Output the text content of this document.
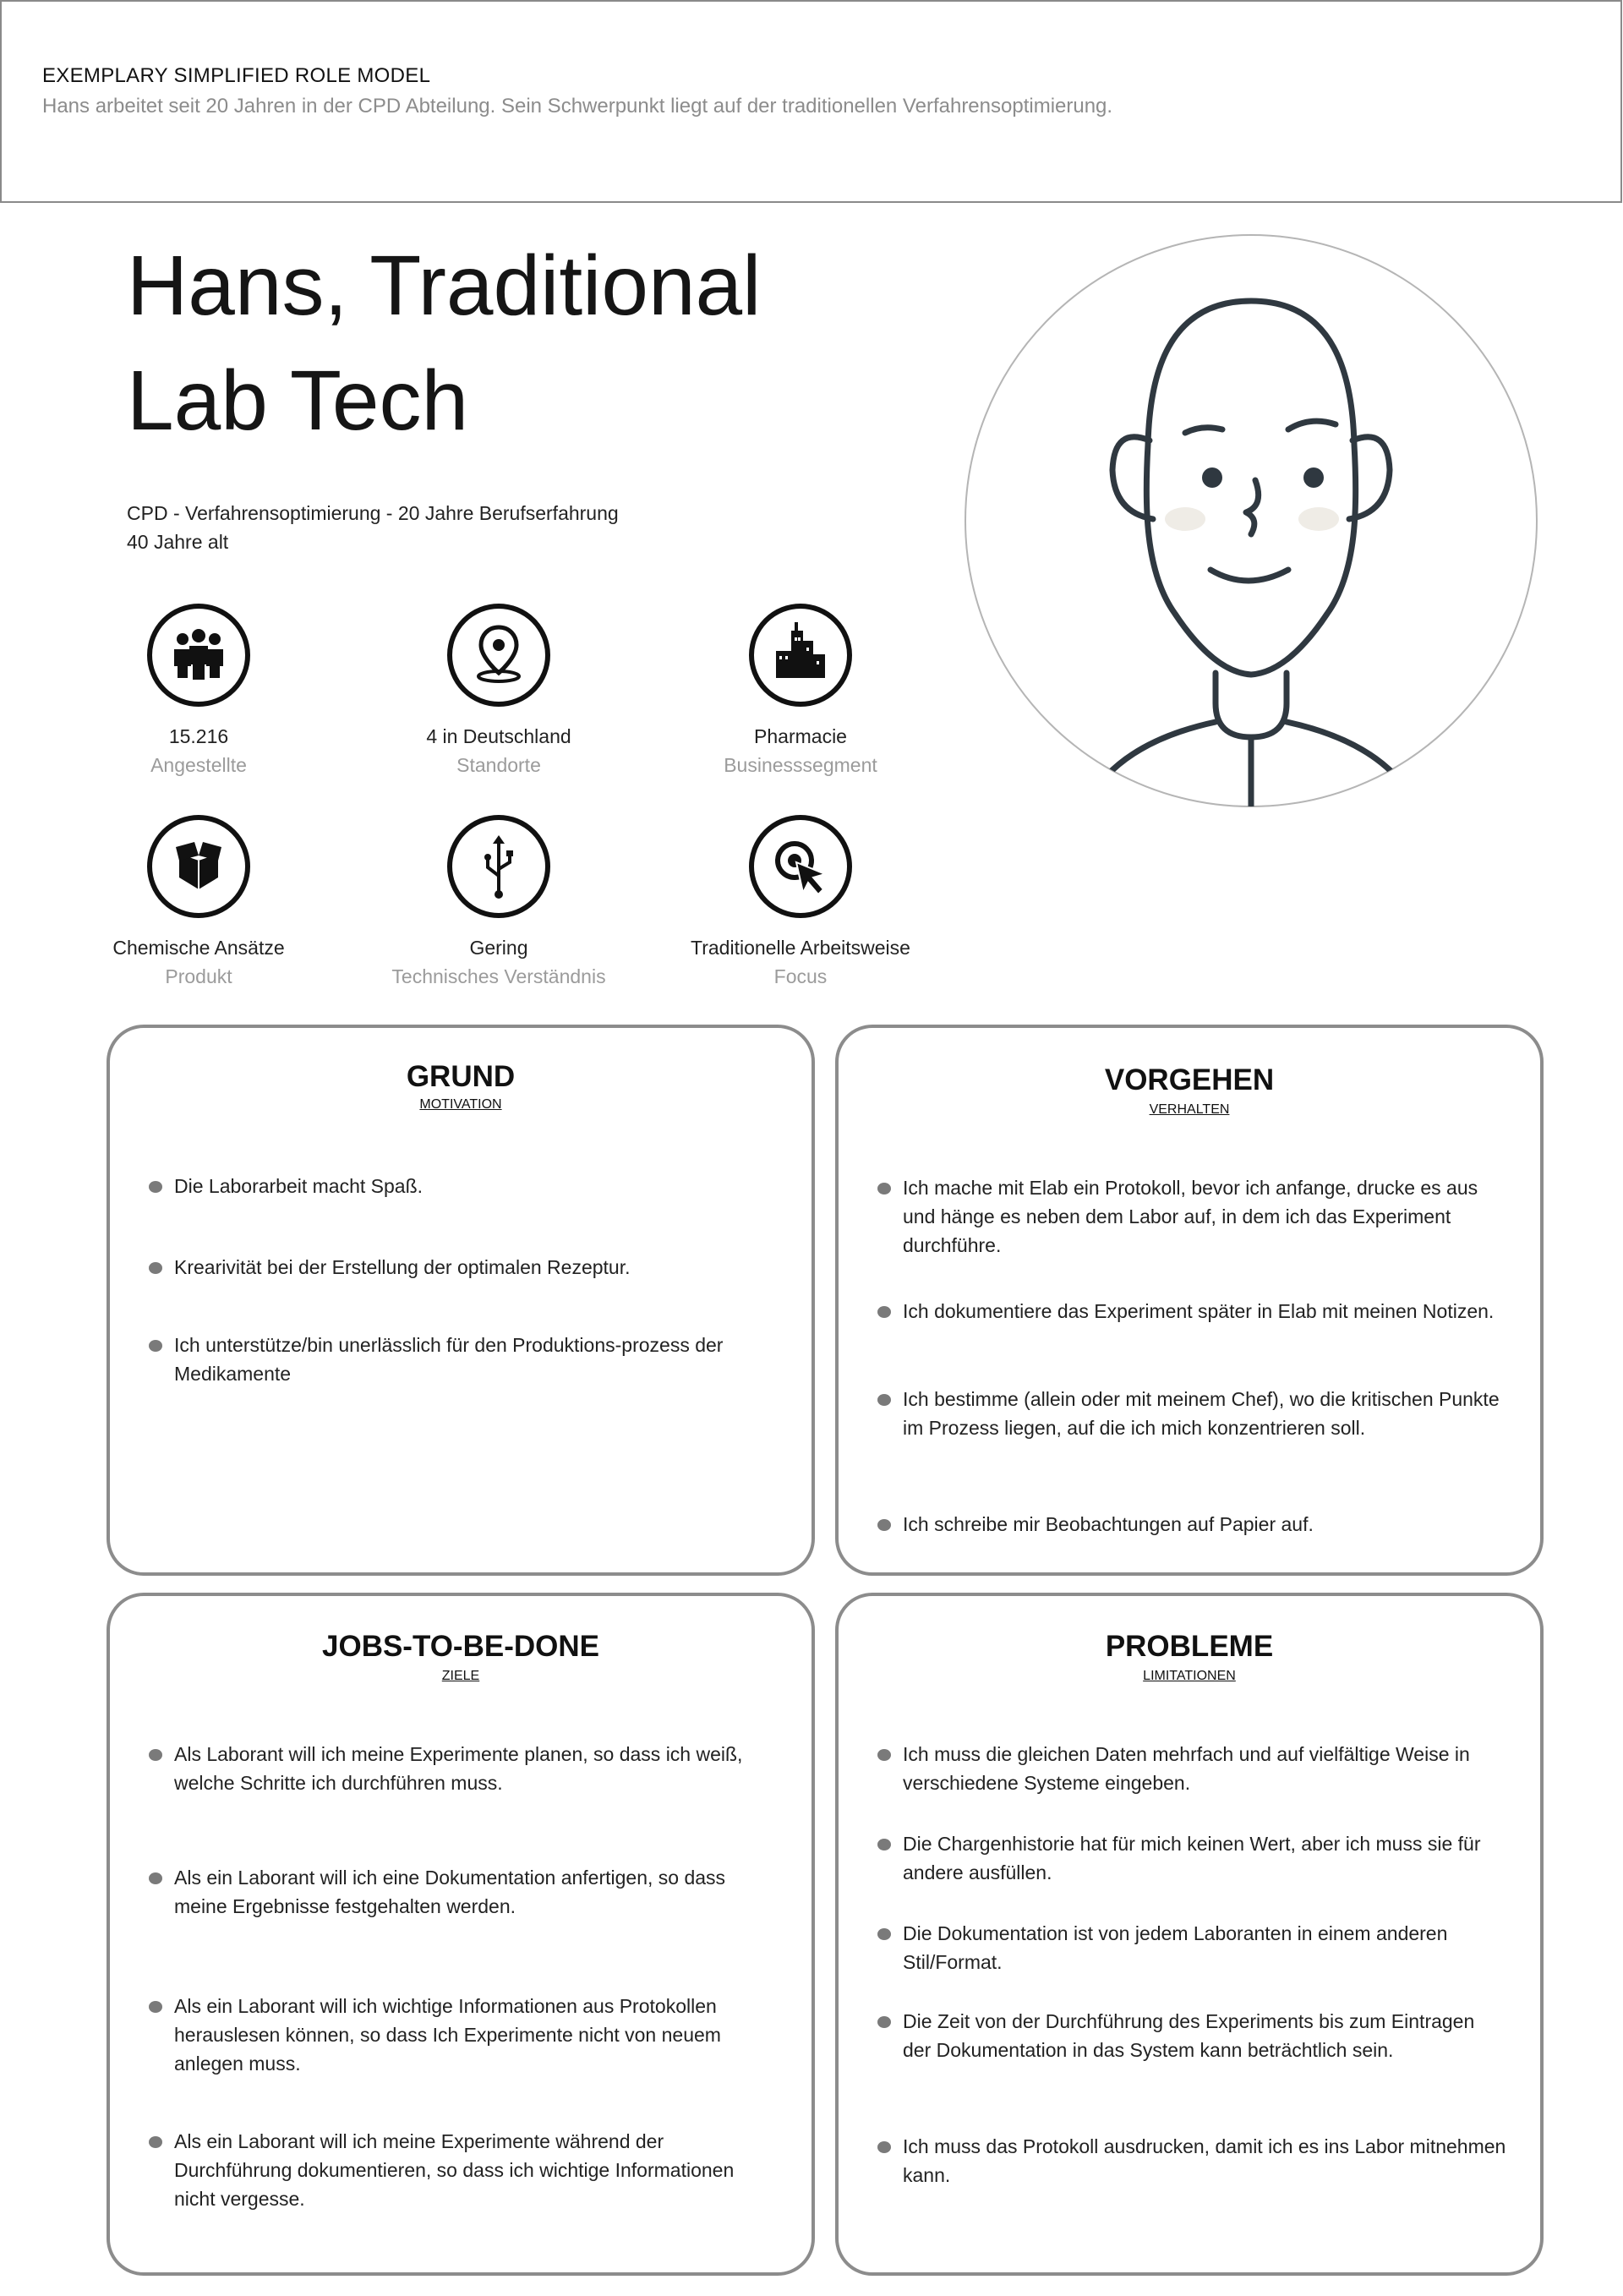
EXEMPLARY SIMPLIFIED ROLE MODEL
Hans arbeitet seit 20 Jahren in der CPD Abteilung. Sein Schwerpunkt liegt auf der traditionellen Verfahrensoptimierung.
Hans, Traditional
Lab Tech
CPD - Verfahrensoptimierung - 20 Jahre Berufserfahrung
40 Jahre alt
15.216
Angestellte
4 in Deutschland
Standorte
Pharmacie
Businesssegment
Chemische Ansätze
Produkt
Gering
Technisches Verständnis
Traditionelle Arbeitsweise
Focus
GRUND
MOTIVATION
Die Laborarbeit macht Spaß.
Krearivität bei der Erstellung der optimalen Rezeptur.
Ich unterstütze/bin unerlässlich für den Produktions-prozess der Medikamente
VORGEHEN
VERHALTEN
Ich mache mit Elab ein Protokoll, bevor ich anfange, drucke es aus und hänge es neben dem Labor auf, in dem ich das Experiment durchführe.
Ich dokumentiere das Experiment später in Elab mit meinen Notizen.
Ich bestimme (allein oder mit meinem Chef), wo die kritischen Punkte im Prozess liegen, auf die ich mich konzentrieren soll.
Ich schreibe mir Beobachtungen auf Papier auf.
JOBS-TO-BE-DONE
ZIELE
Als Laborant will ich meine Experimente planen, so dass ich weiß, welche Schritte ich durchführen muss.
Als ein Laborant will ich eine Dokumentation anfertigen, so dass meine Ergebnisse festgehalten werden.
Als ein Laborant will ich wichtige Informationen aus Protokollen herauslesen können, so dass Ich Experimente nicht von neuem anlegen muss.
Als ein Laborant will ich meine Experimente während der Durchführung dokumentieren, so dass ich wichtige Informationen nicht vergesse.
PROBLEME
LIMITATIONEN
Ich muss die gleichen Daten mehrfach und auf vielfältige Weise in verschiedene Systeme eingeben.
Die Chargenhistorie hat für mich keinen Wert, aber ich muss sie für andere ausfüllen.
Die Dokumentation ist von jedem Laboranten in einem anderen Stil/Format.
Die Zeit von der Durchführung des Experiments bis zum Eintragen der Dokumentation in das System kann beträchtlich sein.
Ich muss das Protokoll ausdrucken, damit ich es ins Labor mitnehmen kann.
